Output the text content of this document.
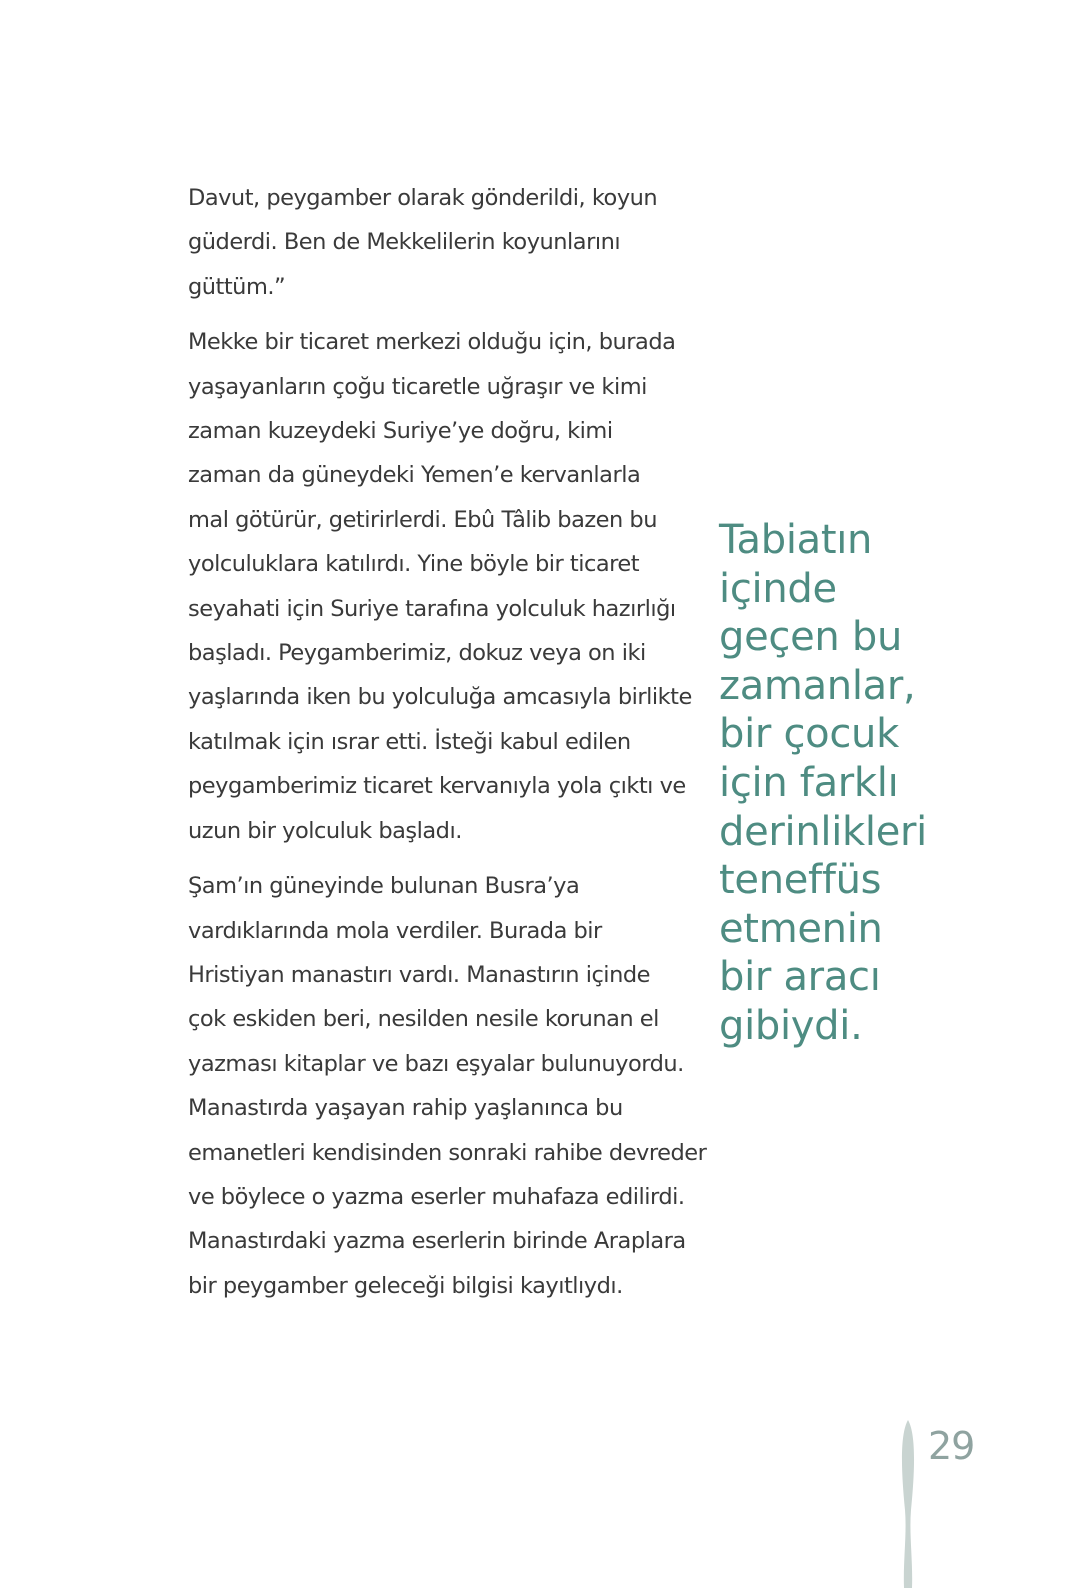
Davut, peygamber olarak gönderildi, koyun
güderdi. Ben de Mekkelilerin koyunlarını
güttüm.”

Mekke bir ticaret merkezi olduğu için, burada
yaşayanların çoğu ticaretle uğraşır ve kimi
zaman kuzeydeki Suriye’ye doğru, kimi
zaman da güneydeki Yemen’e kervanlarla
mal götürür, getirirlerdi. Ebû Tâlib bazen bu
yolculuklara katılırdı. Yine böyle bir ticaret
seyahati için Suriye tarafına yolculuk hazırlığı
başladı. Peygamberimiz, dokuz veya on iki
yaşlarında iken bu yolculuğa amcasıyla birlikte
katılmak için ısrar etti. İsteği kabul edilen
peygamberimiz ticaret kervanıyla yola çıktı ve
uzun bir yolculuk başladı.

Şam’ın güneyinde bulunan Busra’ya
vardıklarında mola verdiler. Burada bir
Hristiyan manastırı vardı. Manastırın içinde
çok eskiden beri, nesilden nesile korunan el
yazması kitaplar ve bazı eşyalar bulunuyordu.
Manastırda yaşayan rahip yaşlanınca bu
emanetleri kendisinden sonraki rahibe devreder
ve böylece o yazma eserler muhafaza edilirdi.
Manastırdaki yazma eserlerin birinde Araplara
bir peygamber geleceği bilgisi kayıtlıydı.

Tabiatın
içinde
geçen bu
zamanlar,
bir çocuk
için farklı
derinlikleri
teneffüs
etmenin
bir aracı
gibiydi.
29
